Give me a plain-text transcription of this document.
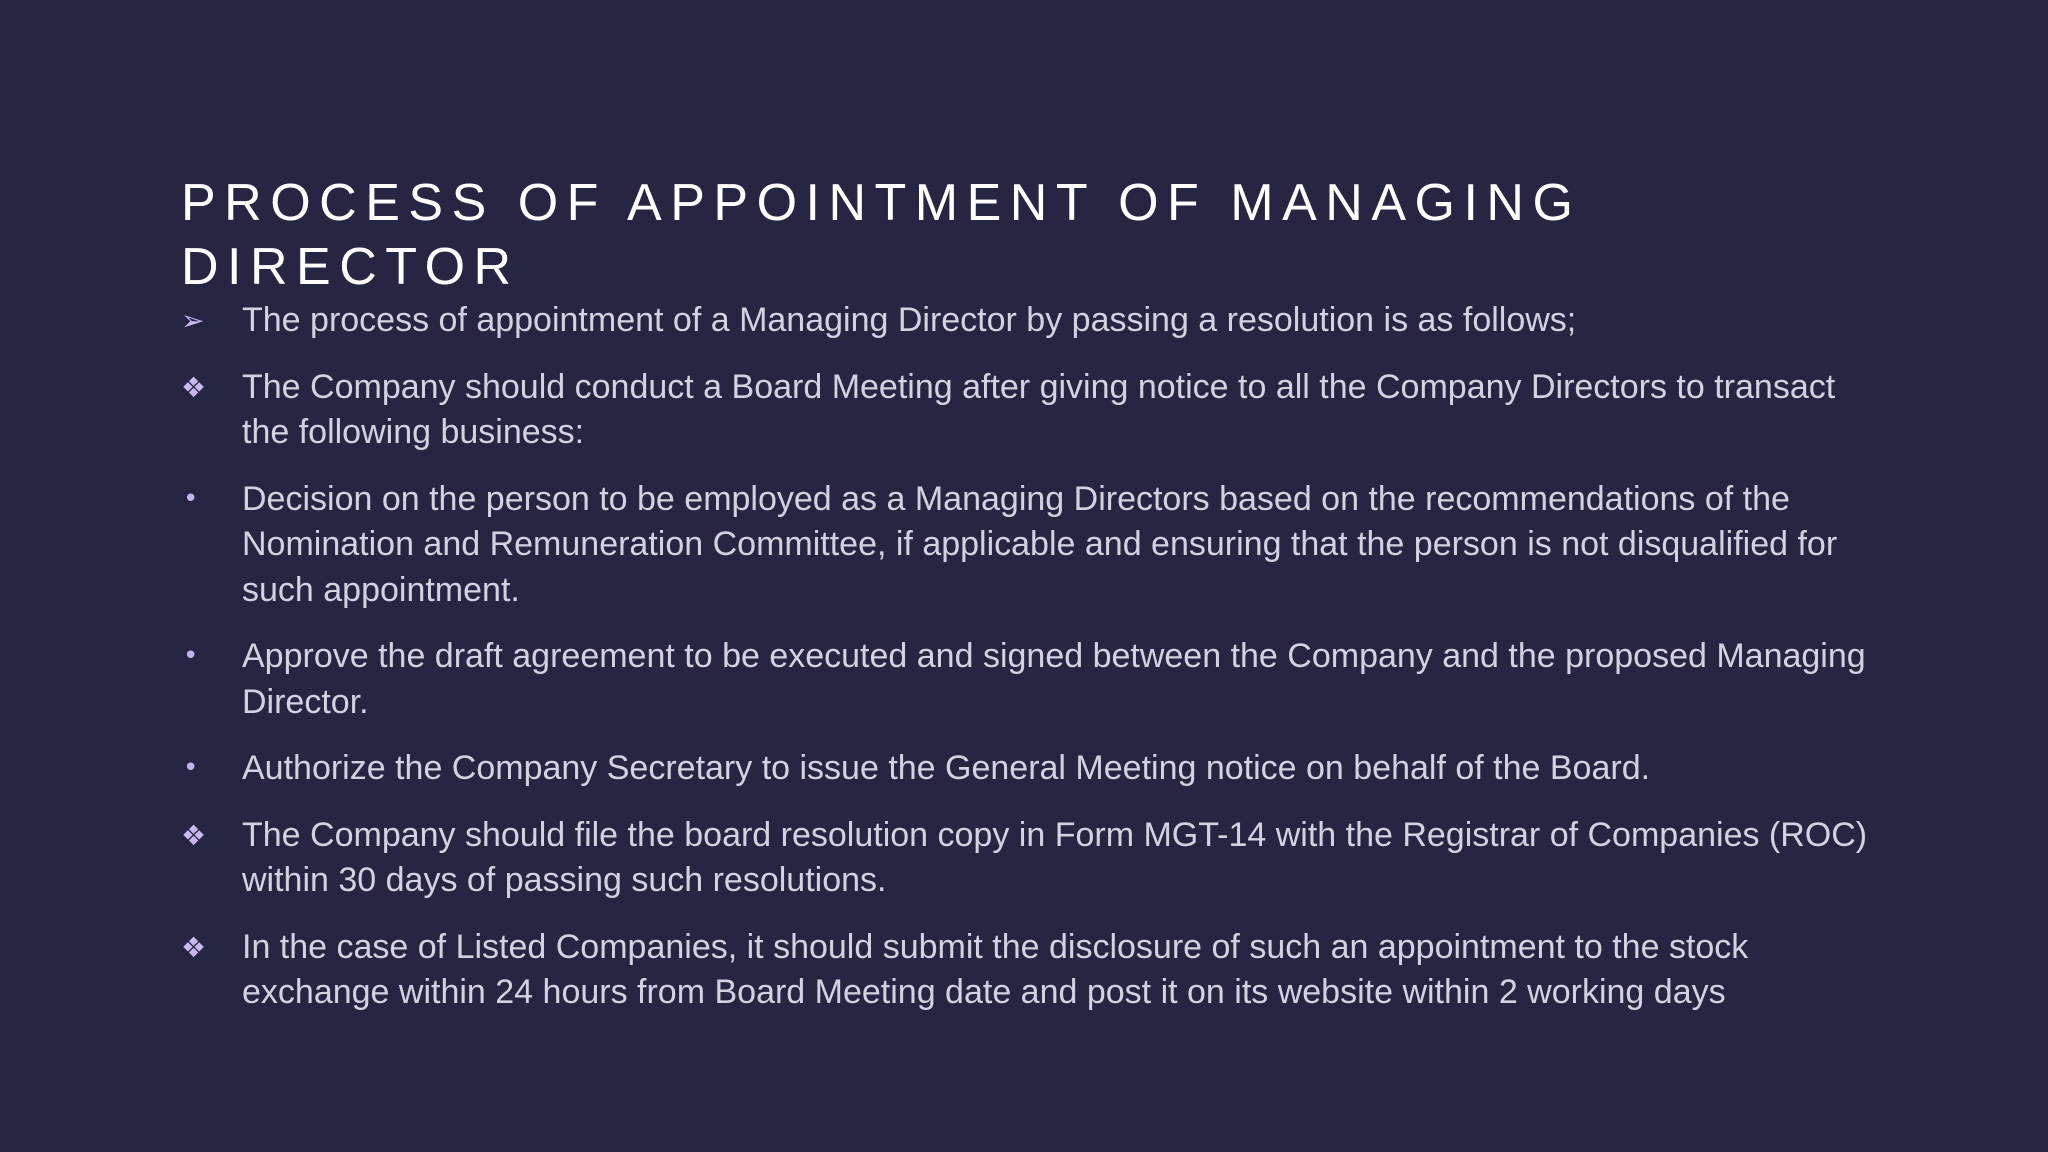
PROCESS OF APPOINTMENT OF MANAGING DIRECTOR
➢	The process of appointment of a Managing Director by passing a resolution is as follows;
❖	The Company should conduct a Board Meeting after giving notice to all the Company Directors to transact the following business:
•	Decision on the person to be employed as a Managing Directors based on the recommendations of the Nomination and Remuneration Committee, if applicable and ensuring that the person is not disqualified for such appointment.
•	Approve the draft agreement to be executed and signed between the Company and the proposed Managing Director.
•	Authorize the Company Secretary to issue the General Meeting notice on behalf of the Board.
❖	The Company should file the board resolution copy in Form MGT-14 with the Registrar of Companies (ROC) within 30 days of passing such resolutions.
❖	In the case of Listed Companies, it should submit the disclosure of such an appointment to the stock exchange within 24 hours from Board Meeting date and post it on its website within 2 working days
